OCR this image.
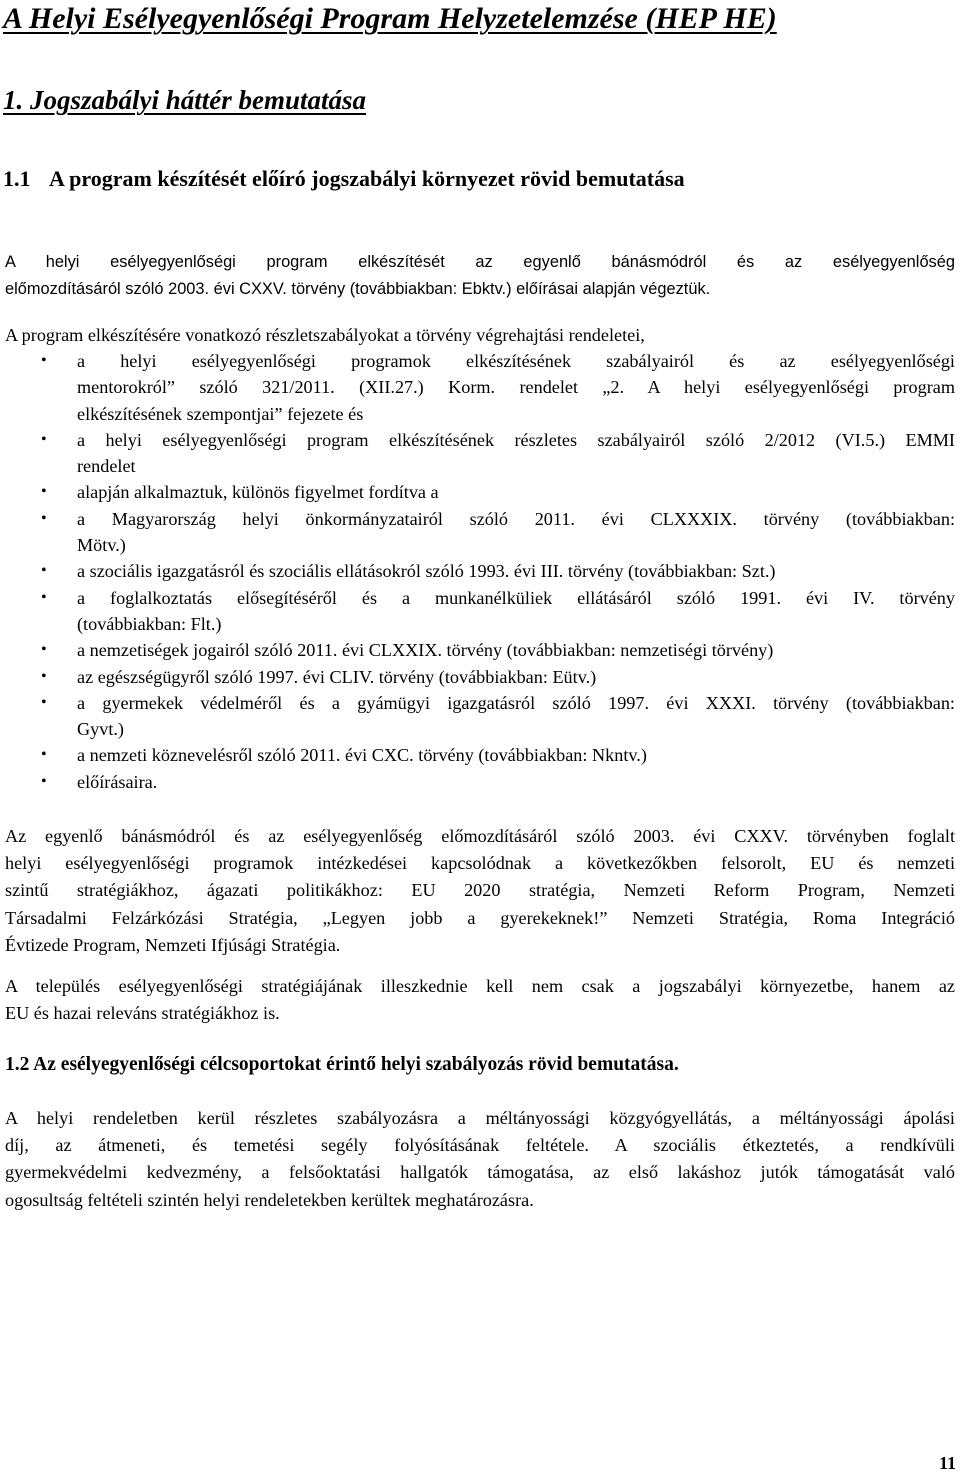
A Helyi Esélyegyenlőségi Program Helyzetelemzése (HEP HE)
1. Jogszabályi háttér bemutatása
1.1 A program készítését előíró jogszabályi környezet rövid bemutatása
A helyi esélyegyenlőségi program elkészítését az egyenlő bánásmódról és az esélyegyenlőség
előmozdításáról szóló 2003. évi CXXV. törvény (továbbiakban: Ebktv.) előírásai alapján végeztük.
A program elkészítésére vonatkozó részletszabályokat a törvény végrehajtási rendeletei,
• a helyi esélyegyenlőségi programok elkészítésének szabályairól és az esélyegyenlőségi
mentorokról” szóló 321/2011. (XII.27.) Korm. rendelet „2. A helyi esélyegyenlőségi program
elkészítésének szempontjai” fejezete és
• a helyi esélyegyenlőségi program elkészítésének részletes szabályairól szóló 2/2012 (VI.5.) EMMI
rendelet
• alapján alkalmaztuk, különös figyelmet fordítva a
• a Magyarország helyi önkormányzatairól szóló 2011. évi CLXXXIX. törvény (továbbiakban:
Mötv.)
• a szociális igazgatásról és szociális ellátásokról szóló 1993. évi III. törvény (továbbiakban: Szt.)
• a foglalkoztatás elősegítéséről és a munkanélküliek ellátásáról szóló 1991. évi IV. törvény
(továbbiakban: Flt.)
• a nemzetiségek jogairól szóló 2011. évi CLXXIX. törvény (továbbiakban: nemzetiségi törvény)
• az egészségügyről szóló 1997. évi CLIV. törvény (továbbiakban: Eütv.)
• a gyermekek védelméről és a gyámügyi igazgatásról szóló 1997. évi XXXI. törvény (továbbiakban:
Gyvt.)
• a nemzeti köznevelésről szóló 2011. évi CXC. törvény (továbbiakban: Nkntv.)
• előírásaira.
Az egyenlő bánásmódról és az esélyegyenlőség előmozdításáról szóló 2003. évi CXXV. törvényben foglalt
helyi esélyegyenlőségi programok intézkedései kapcsolódnak a következőkben felsorolt, EU és nemzeti
szintű stratégiákhoz, ágazati politikákhoz: EU 2020 stratégia, Nemzeti Reform Program, Nemzeti
Társadalmi Felzárkózási Stratégia, „Legyen jobb a gyerekeknek!” Nemzeti Stratégia, Roma Integráció
Évtizede Program, Nemzeti Ifjúsági Stratégia.
A település esélyegyenlőségi stratégiájának illeszkednie kell nem csak a jogszabályi környezetbe, hanem az
EU és hazai releváns stratégiákhoz is.
1.2 Az esélyegyenlőségi célcsoportokat érintő helyi szabályozás rövid bemutatása.
A helyi rendeletben kerül részletes szabályozásra a méltányossági közgyógyellátás, a méltányossági ápolási
díj, az átmeneti, és temetési segély folyósításának feltétele. A szociális étkeztetés, a rendkívüli
gyermekvédelmi kedvezmény, a felsőoktatási hallgatók támogatása, az első lakáshoz jutók támogatását való
ogosultság feltételi szintén helyi rendeletekben kerültek meghatározásra.
11
